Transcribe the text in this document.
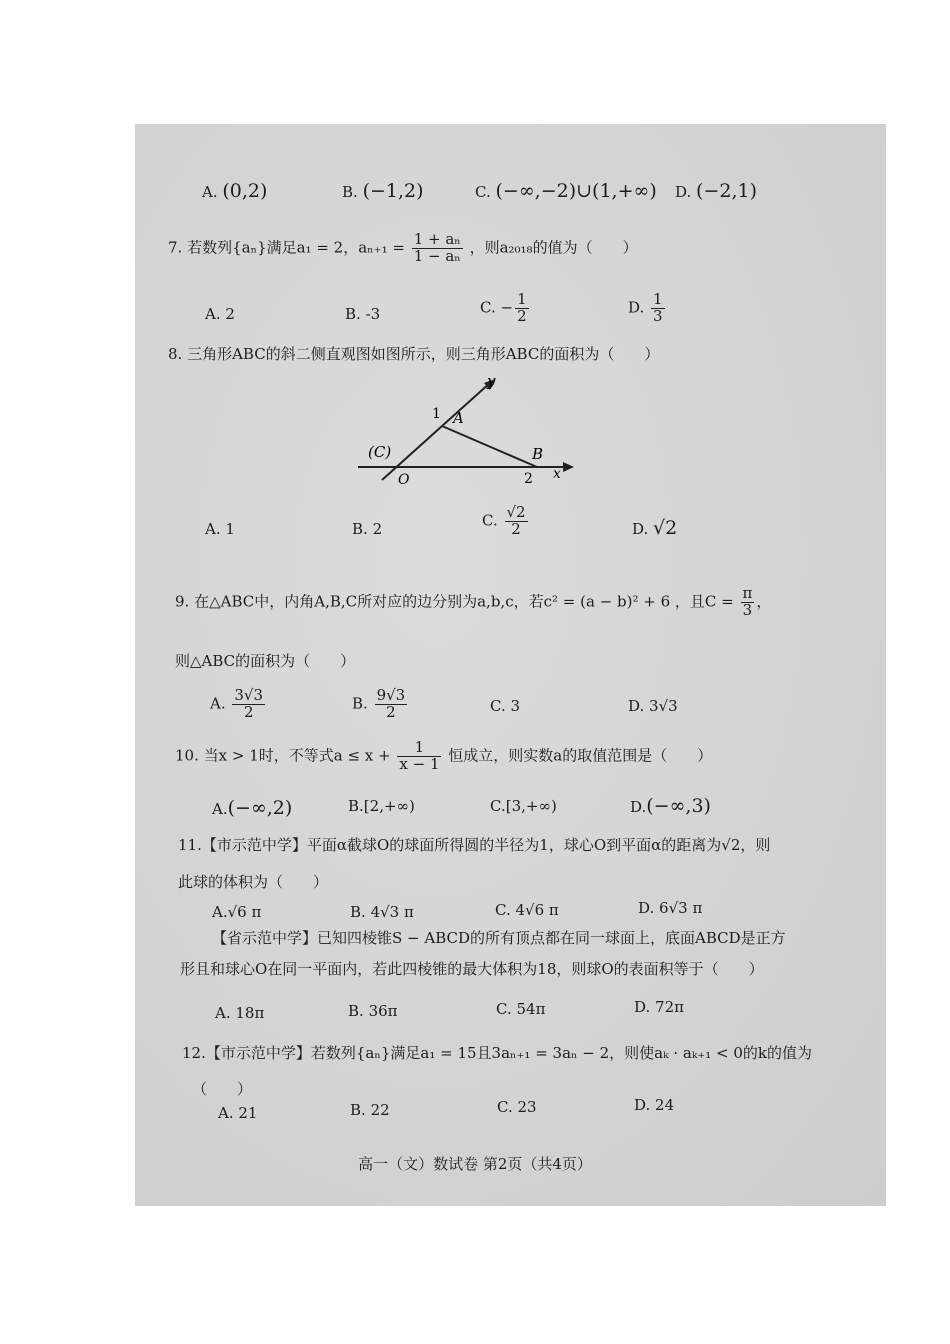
A. (0,2)	B. (−1,2)	C. (−∞,−2)∪(1,+∞) D. (−2,1)
7. 若数列{aₙ}满足a₁ = 2，$a_{n+1} = \frac{\text{1 + aₙ}}{\text{1 − aₙ}}$ ，则a₂₀₁₈的值为（　　）
A. 2	B. -3	C. − $\frac{1}{2}$	D. $\frac{1}{3}$
8. 三角形ABC的斜二侧直观图如图所示，则三角形ABC的面积为（　　）
y
1 A
(C)	B
O	2 x
A. 1	B. 2	C. $\frac{√2}{2}$	D. √2
9. 在△ABC中，内角A,B,C所对应的边分别为a,b,c，若c² = (a − b)² + 6 ，且$C = \frac{\pi}{3}$ ，
则△ABC的面积为（　　）
A. $\frac{3√3}{2}$	B. $\frac{9√3}{2}$	C. 3	D. 3√3
10. 当x > 1时，不等式$a \le x + \frac{1}{x - 1}$ 恒成立，则实数a的取值范围是（　　）
A.(−∞,2)	B.[2,+∞)	C.[3,+∞)	D.(−∞,3)
11.【市示范中学】平面α截球O的球面所得圆的半径为1，球心O到平面α的距离为√2，则
此球的体积为（　　）
A.√6 π	B. 4√3 π	C. 4√6 π	D. 6√3 π
【省示范中学】已知四棱锥S − ABCD的所有顶点都在同一球面上，底面ABCD是正方
形且和球心O在同一平面内，若此四棱锥的最大体积为18，则球O的表面积等于（　　）
A. 18π	B. 36π	C. 54π	D. 72π
12.【市示范中学】若数列{aₙ}满足a₁ = 15且3aₙ₊₁ = 3aₙ − 2，则使aₖ · aₖ₊₁ < 0的k的值为
（　　）
A. 21	B. 22	C. 23	D. 24
高一（文）数试卷 第2页（共4页）
